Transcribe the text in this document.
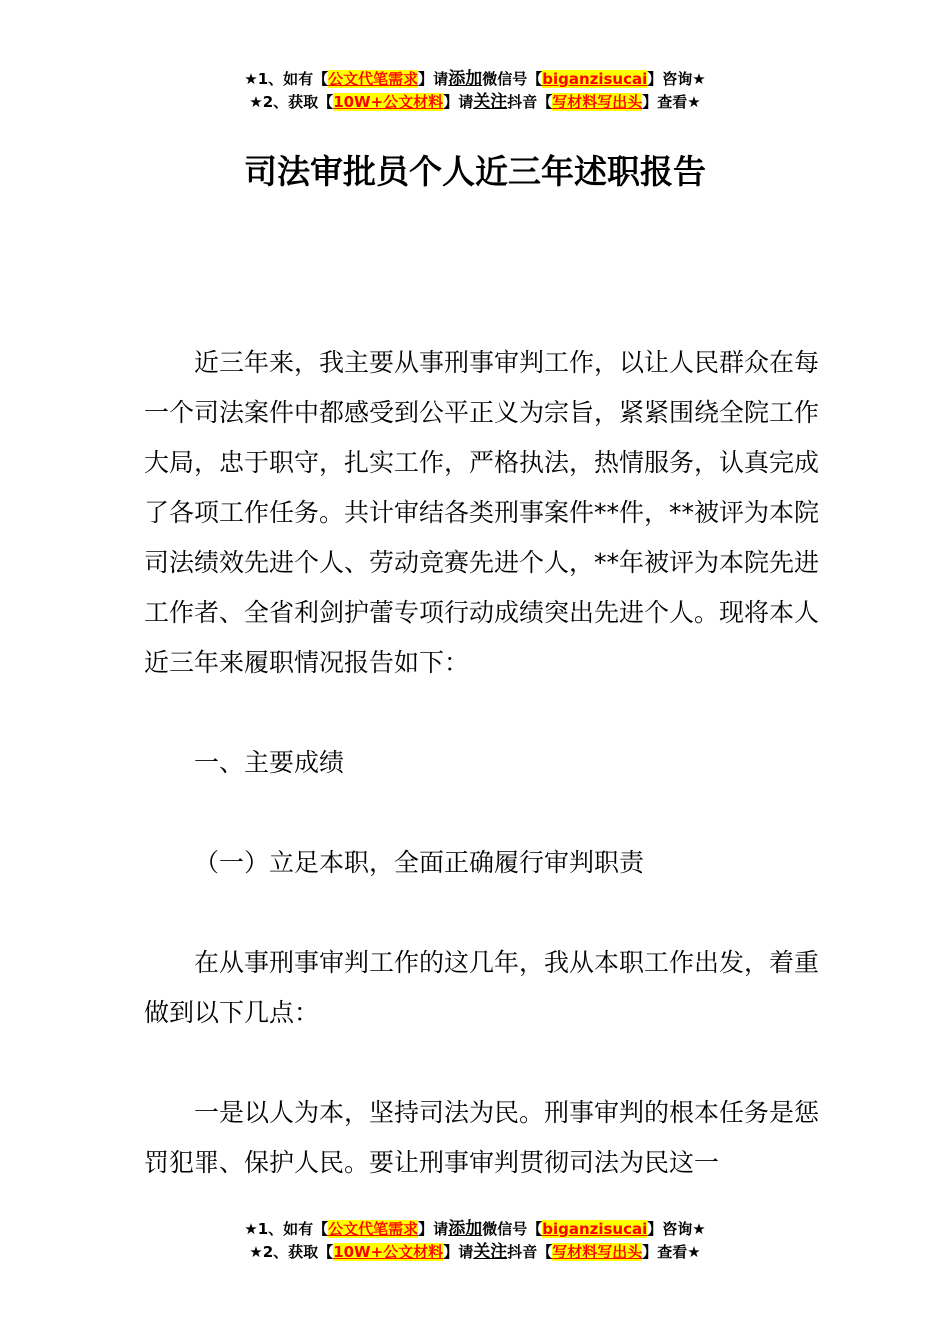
★1、如有【公文代笔需求】请添加微信号【biganzisucai】咨询★
★2、获取【10W+公文材料】请关注抖音【写材料写出头】查看★
司法审批员个人近三年述职报告

近三年来，我主要从事刑事审判工作，以让人民群众在每一个司法案件中都感受到公平正义为宗旨，紧紧围绕全院工作大局，忠于职守，扎实工作，严格执法，热情服务，认真完成了各项工作任务。共计审结各类刑事案件**件，**被评为本院司法绩效先进个人、劳动竞赛先进个人，**年被评为本院先进工作者、全省利剑护蕾专项行动成绩突出先进个人。现将本人近三年来履职情况报告如下：

一、主要成绩

（一）立足本职，全面正确履行审判职责

在从事刑事审判工作的这几年，我从本职工作出发，着重做到以下几点：

一是以人为本，坚持司法为民。刑事审判的根本任务是惩罚犯罪、保护人民。要让刑事审判贯彻司法为民这一

★1、如有【公文代笔需求】请添加微信号【biganzisucai】咨询★
★2、获取【10W+公文材料】请关注抖音【写材料写出头】查看★
